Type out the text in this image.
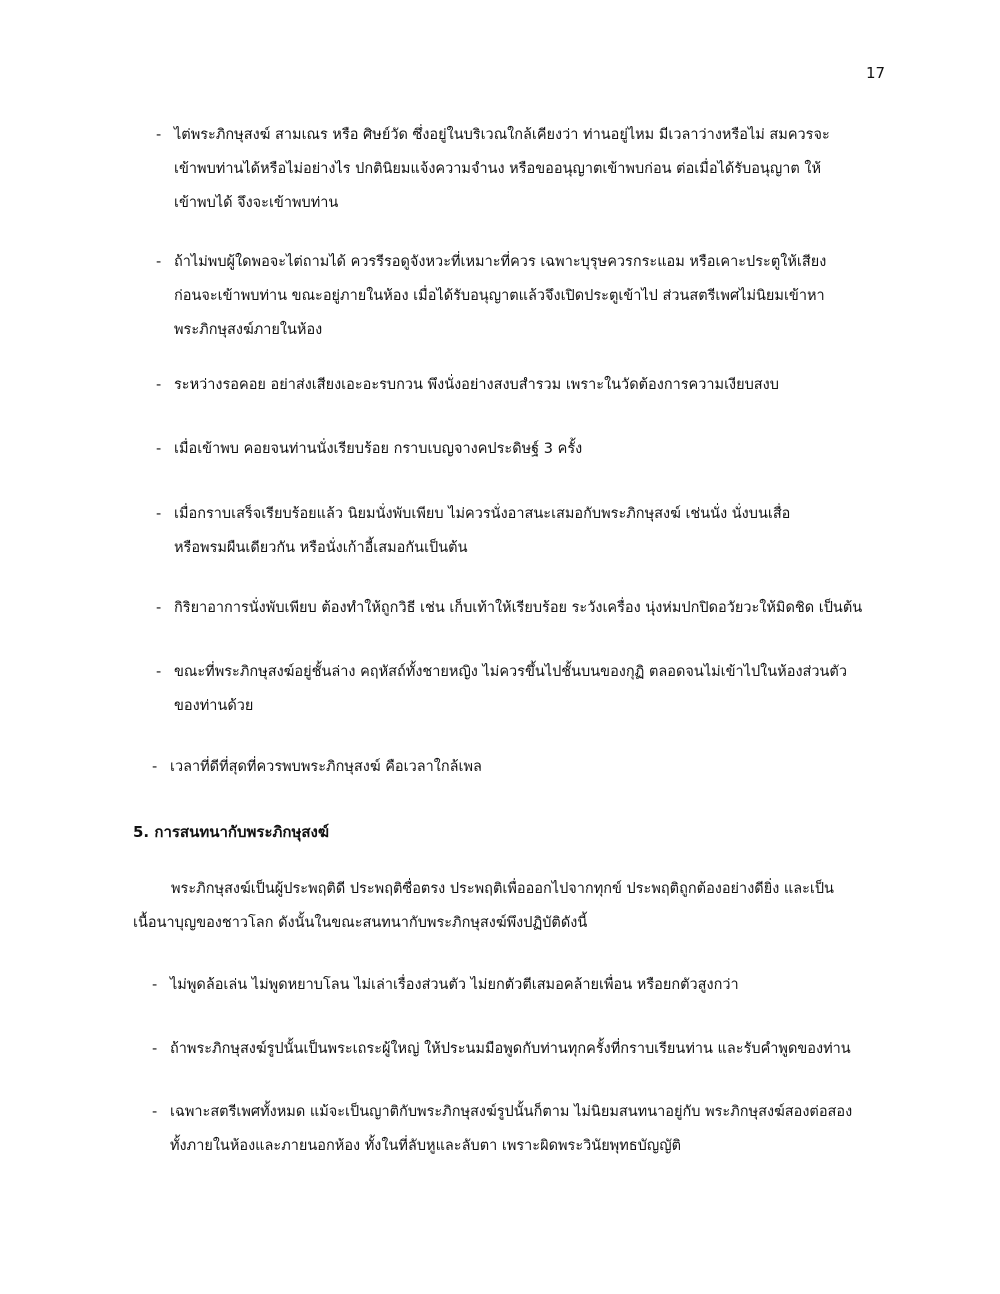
17
- ไต่พระภิกษุสงฆ์ สามเณร หรือ ศิษย์วัด ซึ่งอยู่ในบริเวณใกล้เคียงว่า ท่านอยู่ไหม มีเวลาว่างหรือไม่ สมควรจะ
เข้าพบท่านได้หรือไม่อย่างไร ปกตินิยมแจ้งความจำนง หรือขออนุญาตเข้าพบก่อน ต่อเมื่อได้รับอนุญาต ให้
เข้าพบได้ จึงจะเข้าพบท่าน
- ถ้าไม่พบผู้ใดพอจะไต่ถามได้ ควรรีรอดูจังหวะที่เหมาะที่ควร เฉพาะบุรุษควรกระแอม หรือเคาะประตูให้เสียง
ก่อนจะเข้าพบท่าน ขณะอยู่ภายในห้อง เมื่อได้รับอนุญาตแล้วจึงเปิดประตูเข้าไป ส่วนสตรีเพศไม่นิยมเข้าหา
พระภิกษุสงฆ์ภายในห้อง
- ระหว่างรอคอย อย่าส่งเสียงเอะอะรบกวน พึงนั่งอย่างสงบสำรวม เพราะในวัดต้องการความเงียบสงบ
- เมื่อเข้าพบ คอยจนท่านนั่งเรียบร้อย กราบเบญจางคประดิษฐ์ 3 ครั้ง
- เมื่อกราบเสร็จเรียบร้อยแล้ว นิยมนั่งพับเพียบ ไม่ควรนั่งอาสนะเสมอกับพระภิกษุสงฆ์ เช่นนั่ง นั่งบนเสื่อ
หรือพรมผืนเดียวกัน หรือนั่งเก้าอี้เสมอกันเป็นต้น
- กิริยาอาการนั่งพับเพียบ ต้องทำให้ถูกวิธี เช่น เก็บเท้าให้เรียบร้อย ระวังเครื่อง นุ่งห่มปกปิดอวัยวะให้มิดชิด เป็นต้น
- ขณะที่พระภิกษุสงฆ์อยู่ชั้นล่าง คฤหัสถ์ทั้งชายหญิง ไม่ควรขึ้นไปชั้นบนของกุฏิ ตลอดจนไม่เข้าไปในห้องส่วนตัว
ของท่านด้วย
- เวลาที่ดีที่สุดที่ควรพบพระภิกษุสงฆ์ คือเวลาใกล้เพล
5. การสนทนากับพระภิกษุสงฆ์
พระภิกษุสงฆ์เป็นผู้ประพฤติดี ประพฤติซื่อตรง ประพฤติเพื่อออกไปจากทุกข์ ประพฤติถูกต้องอย่างดียิ่ง และเป็น
เนื้อนาบุญของชาวโลก ดังนั้นในขณะสนทนากับพระภิกษุสงฆ์พึงปฏิบัติดังนี้
- ไม่พูดล้อเล่น ไม่พูดหยาบโลน ไม่เล่าเรื่องส่วนตัว ไม่ยกตัวตีเสมอคล้ายเพื่อน หรือยกตัวสูงกว่า
- ถ้าพระภิกษุสงฆ์รูปนั้นเป็นพระเถระผู้ใหญ่ ให้ประนมมือพูดกับท่านทุกครั้งที่กราบเรียนท่าน และรับคำพูดของท่าน
- เฉพาะสตรีเพศทั้งหมด แม้จะเป็นญาติกับพระภิกษุสงฆ์รูปนั้นก็ตาม ไม่นิยมสนทนาอยู่กับ พระภิกษุสงฆ์สองต่อสอง
ทั้งภายในห้องและภายนอกห้อง ทั้งในที่ลับหูและลับตา เพราะผิดพระวินัยพุทธบัญญัติ
